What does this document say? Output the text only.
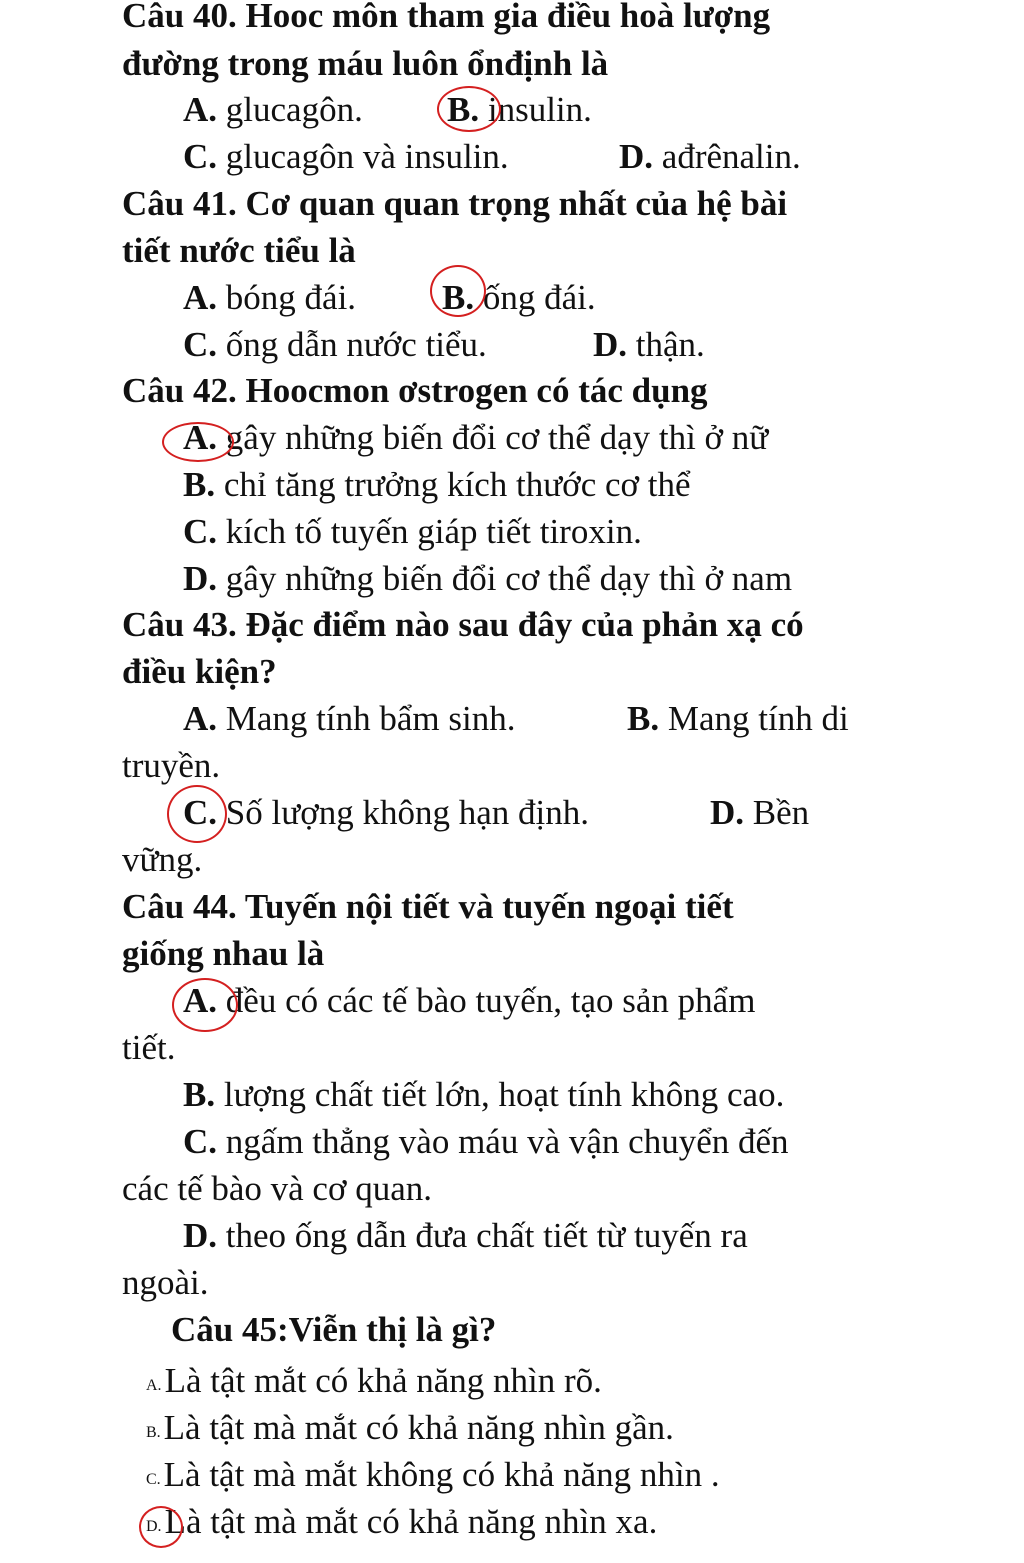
Câu 40. Hooc môn tham gia điều hoà lượng
đường trong máu luôn ổnđịnh là
A. glucagôn. B. insulin.
C. glucagôn và insulin.	D. ađrênalin.
Câu 41. Cơ quan quan trọng nhất của hệ bài
tiết nước tiểu là
A. bóng đái. B. ống đái.
C. ống dẫn nước tiểu.	D. thận.
Câu 42. Hoocmon ơstrogen có tác dụng
A. gây những biến đổi cơ thể dạy thì ở nữ
B. chỉ tăng trưởng kích thước cơ thể
C. kích tố tuyến giáp tiết tiroxin.
D. gây những biến đổi cơ thể dạy thì ở nam
Câu 43. Đặc điểm nào sau đây của phản xạ có
điều kiện?
A. Mang tính bẩm sinh.	B. Mang tính di
truyền.
C. Số lượng không hạn định.	D. Bền
vững.
Câu 44. Tuyến nội tiết và tuyến ngoại tiết
giống nhau là
A. đều có các tế bào tuyến, tạo sản phẩm
tiết.
B. lượng chất tiết lớn, hoạt tính không cao.
C. ngấm thẳng vào máu và vận chuyển đến
các tế bào và cơ quan.
D. theo ống dẫn đưa chất tiết từ tuyến ra
ngoài.
Câu 45:Viễn thị là gì?
A.Là tật mắt có khả năng nhìn rõ.
B.Là tật mà mắt có khả năng nhìn gần.
C.Là tật mà mắt không có khả năng nhìn .
D.Là tật mà mắt có khả năng nhìn xa.
